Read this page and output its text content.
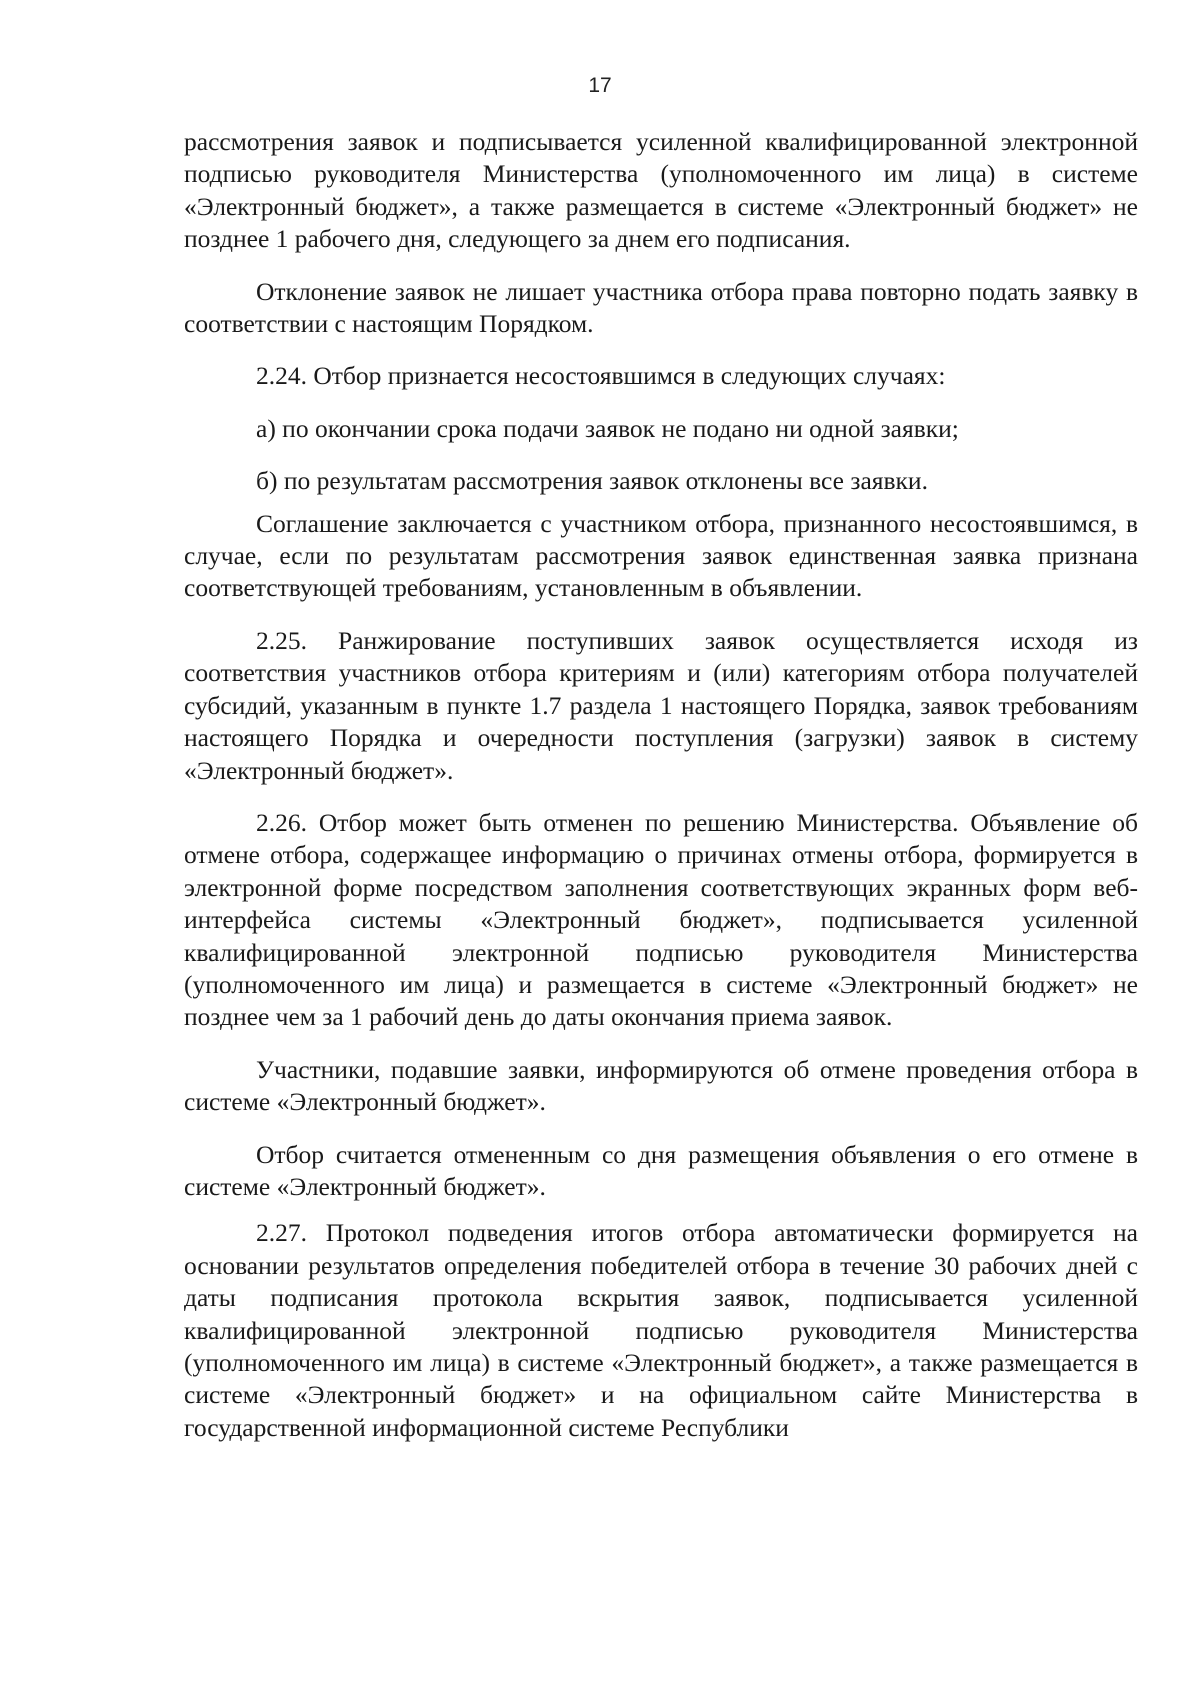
17

рассмотрения заявок и подписывается усиленной квалифицированной электронной подписью руководителя Министерства (уполномоченного им лица) в системе «Электронный бюджет», а также размещается в системе «Электронный бюджет» не позднее 1 рабочего дня, следующего за днем его подписания.

Отклонение заявок не лишает участника отбора права повторно подать заявку в соответствии с настоящим Порядком.

2.24. Отбор признается несостоявшимся в следующих случаях:

а) по окончании срока подачи заявок не подано ни одной заявки;

б) по результатам рассмотрения заявок отклонены все заявки.

Соглашение заключается с участником отбора, признанного несостоявшимся, в случае, если по результатам рассмотрения заявок единственная заявка признана соответствующей требованиям, установленным в объявлении.

2.25. Ранжирование поступивших заявок осуществляется исходя из соответствия участников отбора критериям и (или) категориям отбора получателей субсидий, указанным в пункте 1.7 раздела 1 настоящего Порядка, заявок требованиям настоящего Порядка и очередности поступления (загрузки) заявок в систему «Электронный бюджет».

2.26. Отбор может быть отменен по решению Министерства. Объявление об отмене отбора, содержащее информацию о причинах отмены отбора, формируется в электронной форме посредством заполнения соответствующих экранных форм веб-интерфейса системы «Электронный бюджет», подписывается усиленной квалифицированной электронной подписью руководителя Министерства (уполномоченного им лица) и размещается в системе «Электронный бюджет» не позднее чем за 1 рабочий день до даты окончания приема заявок.

Участники, подавшие заявки, информируются об отмене проведения отбора в системе «Электронный бюджет».

Отбор считается отмененным со дня размещения объявления о его отмене в системе «Электронный бюджет».

2.27. Протокол подведения итогов отбора автоматически формируется на основании результатов определения победителей отбора в течение 30 рабочих дней с даты подписания протокола вскрытия заявок, подписывается усиленной квалифицированной электронной подписью руководителя Министерства (уполномоченного им лица) в системе «Электронный бюджет», а также размещается в системе «Электронный бюджет» и на официальном сайте Министерства в государственной информационной системе Республики
